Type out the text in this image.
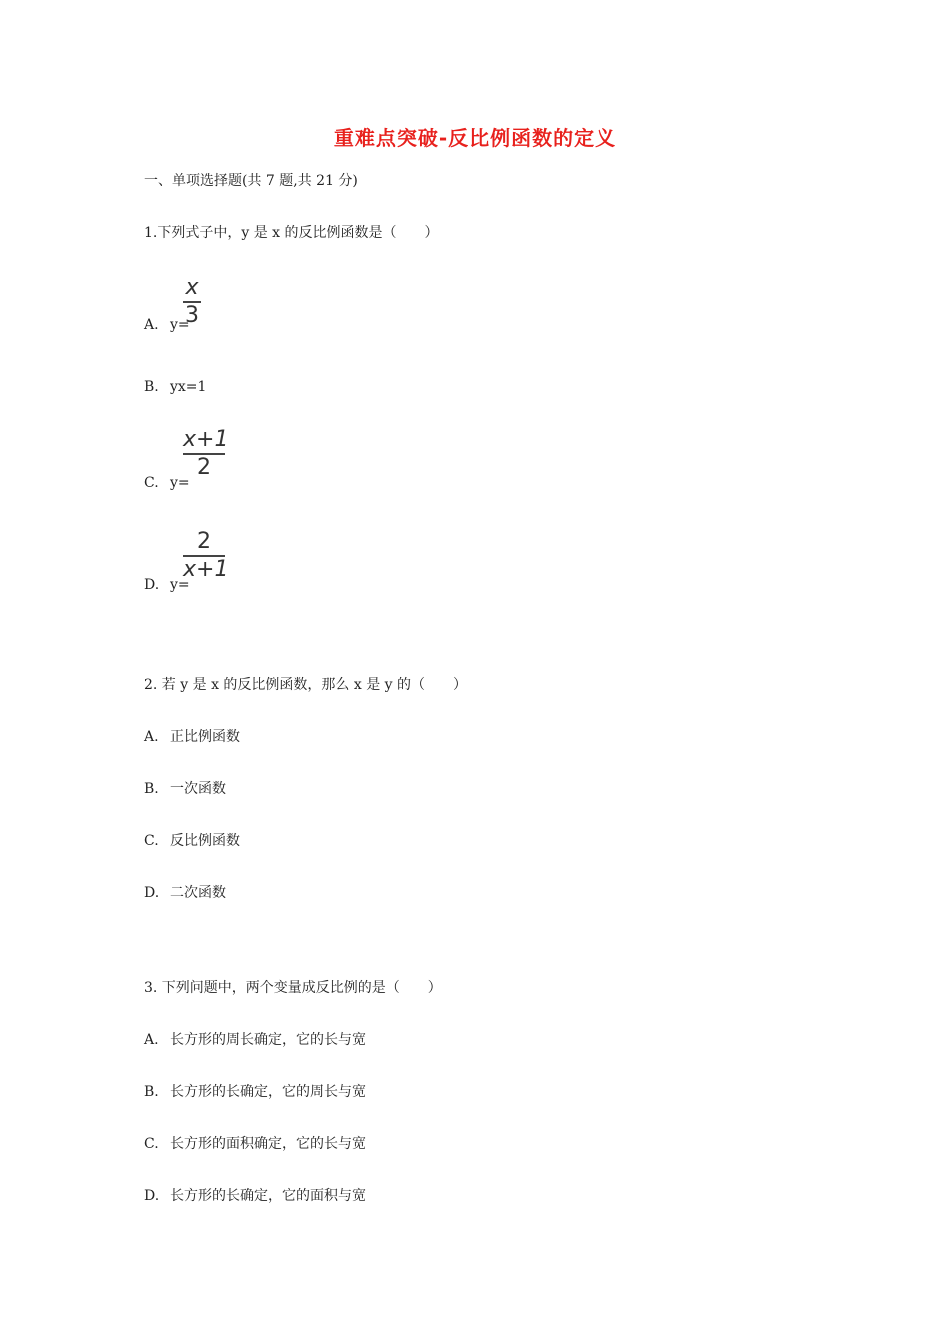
重难点突破-反比例函数的定义
一、单项选择题(共 7 题,共 21 分)
1.下列式子中，y 是 x 的反比例函数是（　　）
A. y=
x
3
B. yx=1
C. y=
x+1
2
D. y=
2
x+1
2. 若 y 是 x 的反比例函数，那么 x 是 y 的（　　）
A. 正比例函数
B. 一次函数
C. 反比例函数
D. 二次函数
3. 下列问题中，两个变量成反比例的是（　　）
A. 长方形的周长确定，它的长与宽
B. 长方形的长确定，它的周长与宽
C. 长方形的面积确定，它的长与宽
D. 长方形的长确定，它的面积与宽
